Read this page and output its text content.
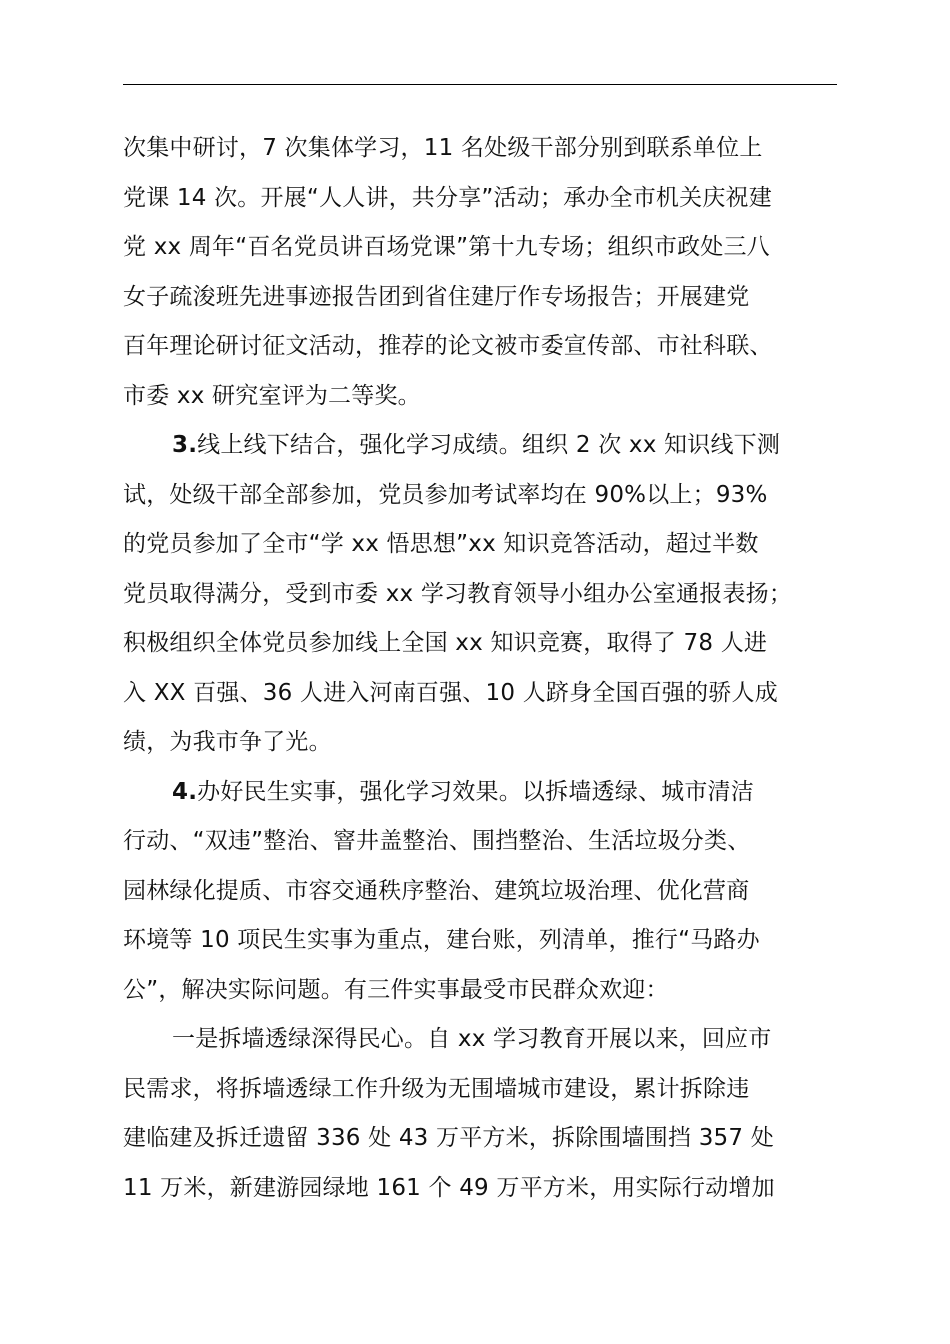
次集中研讨，7 次集体学习，11 名处级干部分别到联系单位上
党课 14 次。开展“人人讲，共分享”活动；承办全市机关庆祝建
党 xx 周年“百名党员讲百场党课”第十九专场；组织市政处三八
女子疏浚班先进事迹报告团到省住建厅作专场报告；开展建党
百年理论研讨征文活动，推荐的论文被市委宣传部、市社科联、
市委 xx 研究室评为二等奖。
3.线上线下结合，强化学习成绩。组织 2 次 xx 知识线下测
试，处级干部全部参加，党员参加考试率均在 90%以上；93%
的党员参加了全市“学 xx 悟思想”xx 知识竞答活动，超过半数
党员取得满分，受到市委 xx 学习教育领导小组办公室通报表扬；
积极组织全体党员参加线上全国 xx 知识竞赛，取得了 78 人进
入 XX 百强、36 人进入河南百强、10 人跻身全国百强的骄人成
绩，为我市争了光。
4.办好民生实事，强化学习效果。以拆墙透绿、城市清洁
行动、“双违”整治、窨井盖整治、围挡整治、生活垃圾分类、
园林绿化提质、市容交通秩序整治、建筑垃圾治理、优化营商
环境等 10 项民生实事为重点，建台账，列清单，推行“马路办
公”，解决实际问题。有三件实事最受市民群众欢迎：
一是拆墙透绿深得民心。自 xx 学习教育开展以来，回应市
民需求，将拆墙透绿工作升级为无围墙城市建设，累计拆除违
建临建及拆迁遗留 336 处 43 万平方米，拆除围墙围挡 357 处
11 万米，新建游园绿地 161 个 49 万平方米，用实际行动增加
